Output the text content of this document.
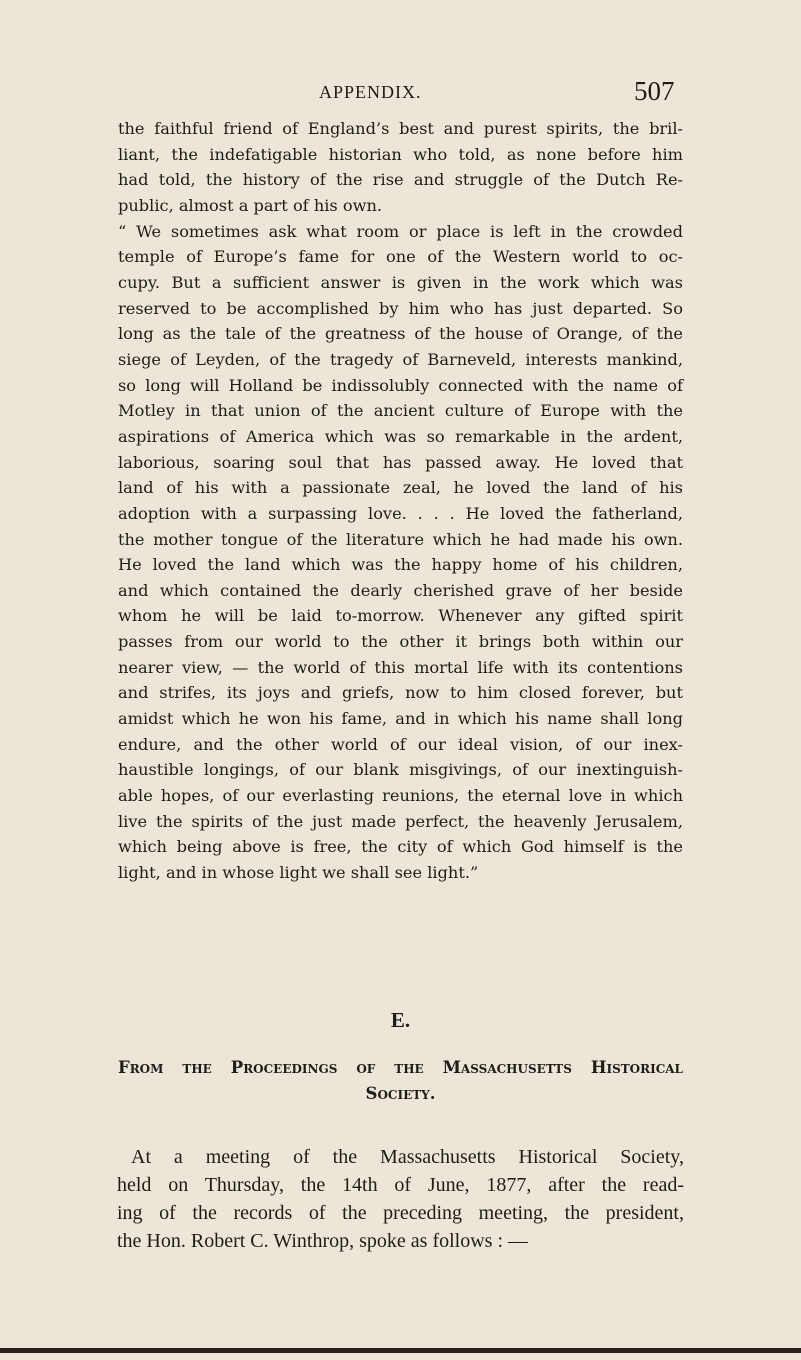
APPENDIX.	507
the faithful friend of England’s best and purest spirits, the bril-
liant, the indefatigable historian who told, as none before him
had told, the history of the rise and struggle of the Dutch Re-
public, almost a part of his own.
“ We sometimes ask what room or place is left in the crowded
temple of Europe’s fame for one of the Western world to oc-
cupy. But a sufficient answer is given in the work which was
reserved to be accomplished by him who has just departed. So
long as the tale of the greatness of the house of Orange, of the
siege of Leyden, of the tragedy of Barneveld, interests mankind,
so long will Holland be indissolubly connected with the name of
Motley in that union of the ancient culture of Europe with the
aspirations of America which was so remarkable in the ardent,
laborious, soaring soul that has passed away. He loved that
land of his with a passionate zeal, he loved the land of his
adoption with a surpassing love. . . . He loved the fatherland,
the mother tongue of the literature which he had made his own.
He loved the land which was the happy home of his children,
and which contained the dearly cherished grave of her beside
whom he will be laid to-morrow. Whenever any gifted spirit
passes from our world to the other it brings both within our
nearer view, — the world of this mortal life with its contentions
and strifes, its joys and griefs, now to him closed forever, but
amidst which he won his fame, and in which his name shall long
endure, and the other world of our ideal vision, of our inex-
haustible longings, of our blank misgivings, of our inextinguish-
able hopes, of our everlasting reunions, the eternal love in which
live the spirits of the just made perfect, the heavenly Jerusalem,
which being above is free, the city of which God himself is the
light, and in whose light we shall see light.”
E.
From the Proceedings of the Massachusetts Historical
Society.
At a meeting of the Massachusetts Historical Society,
held on Thursday, the 14th of June, 1877, after the read-
ing of the records of the preceding meeting, the president,
the Hon. Robert C. Winthrop, spoke as follows : —
